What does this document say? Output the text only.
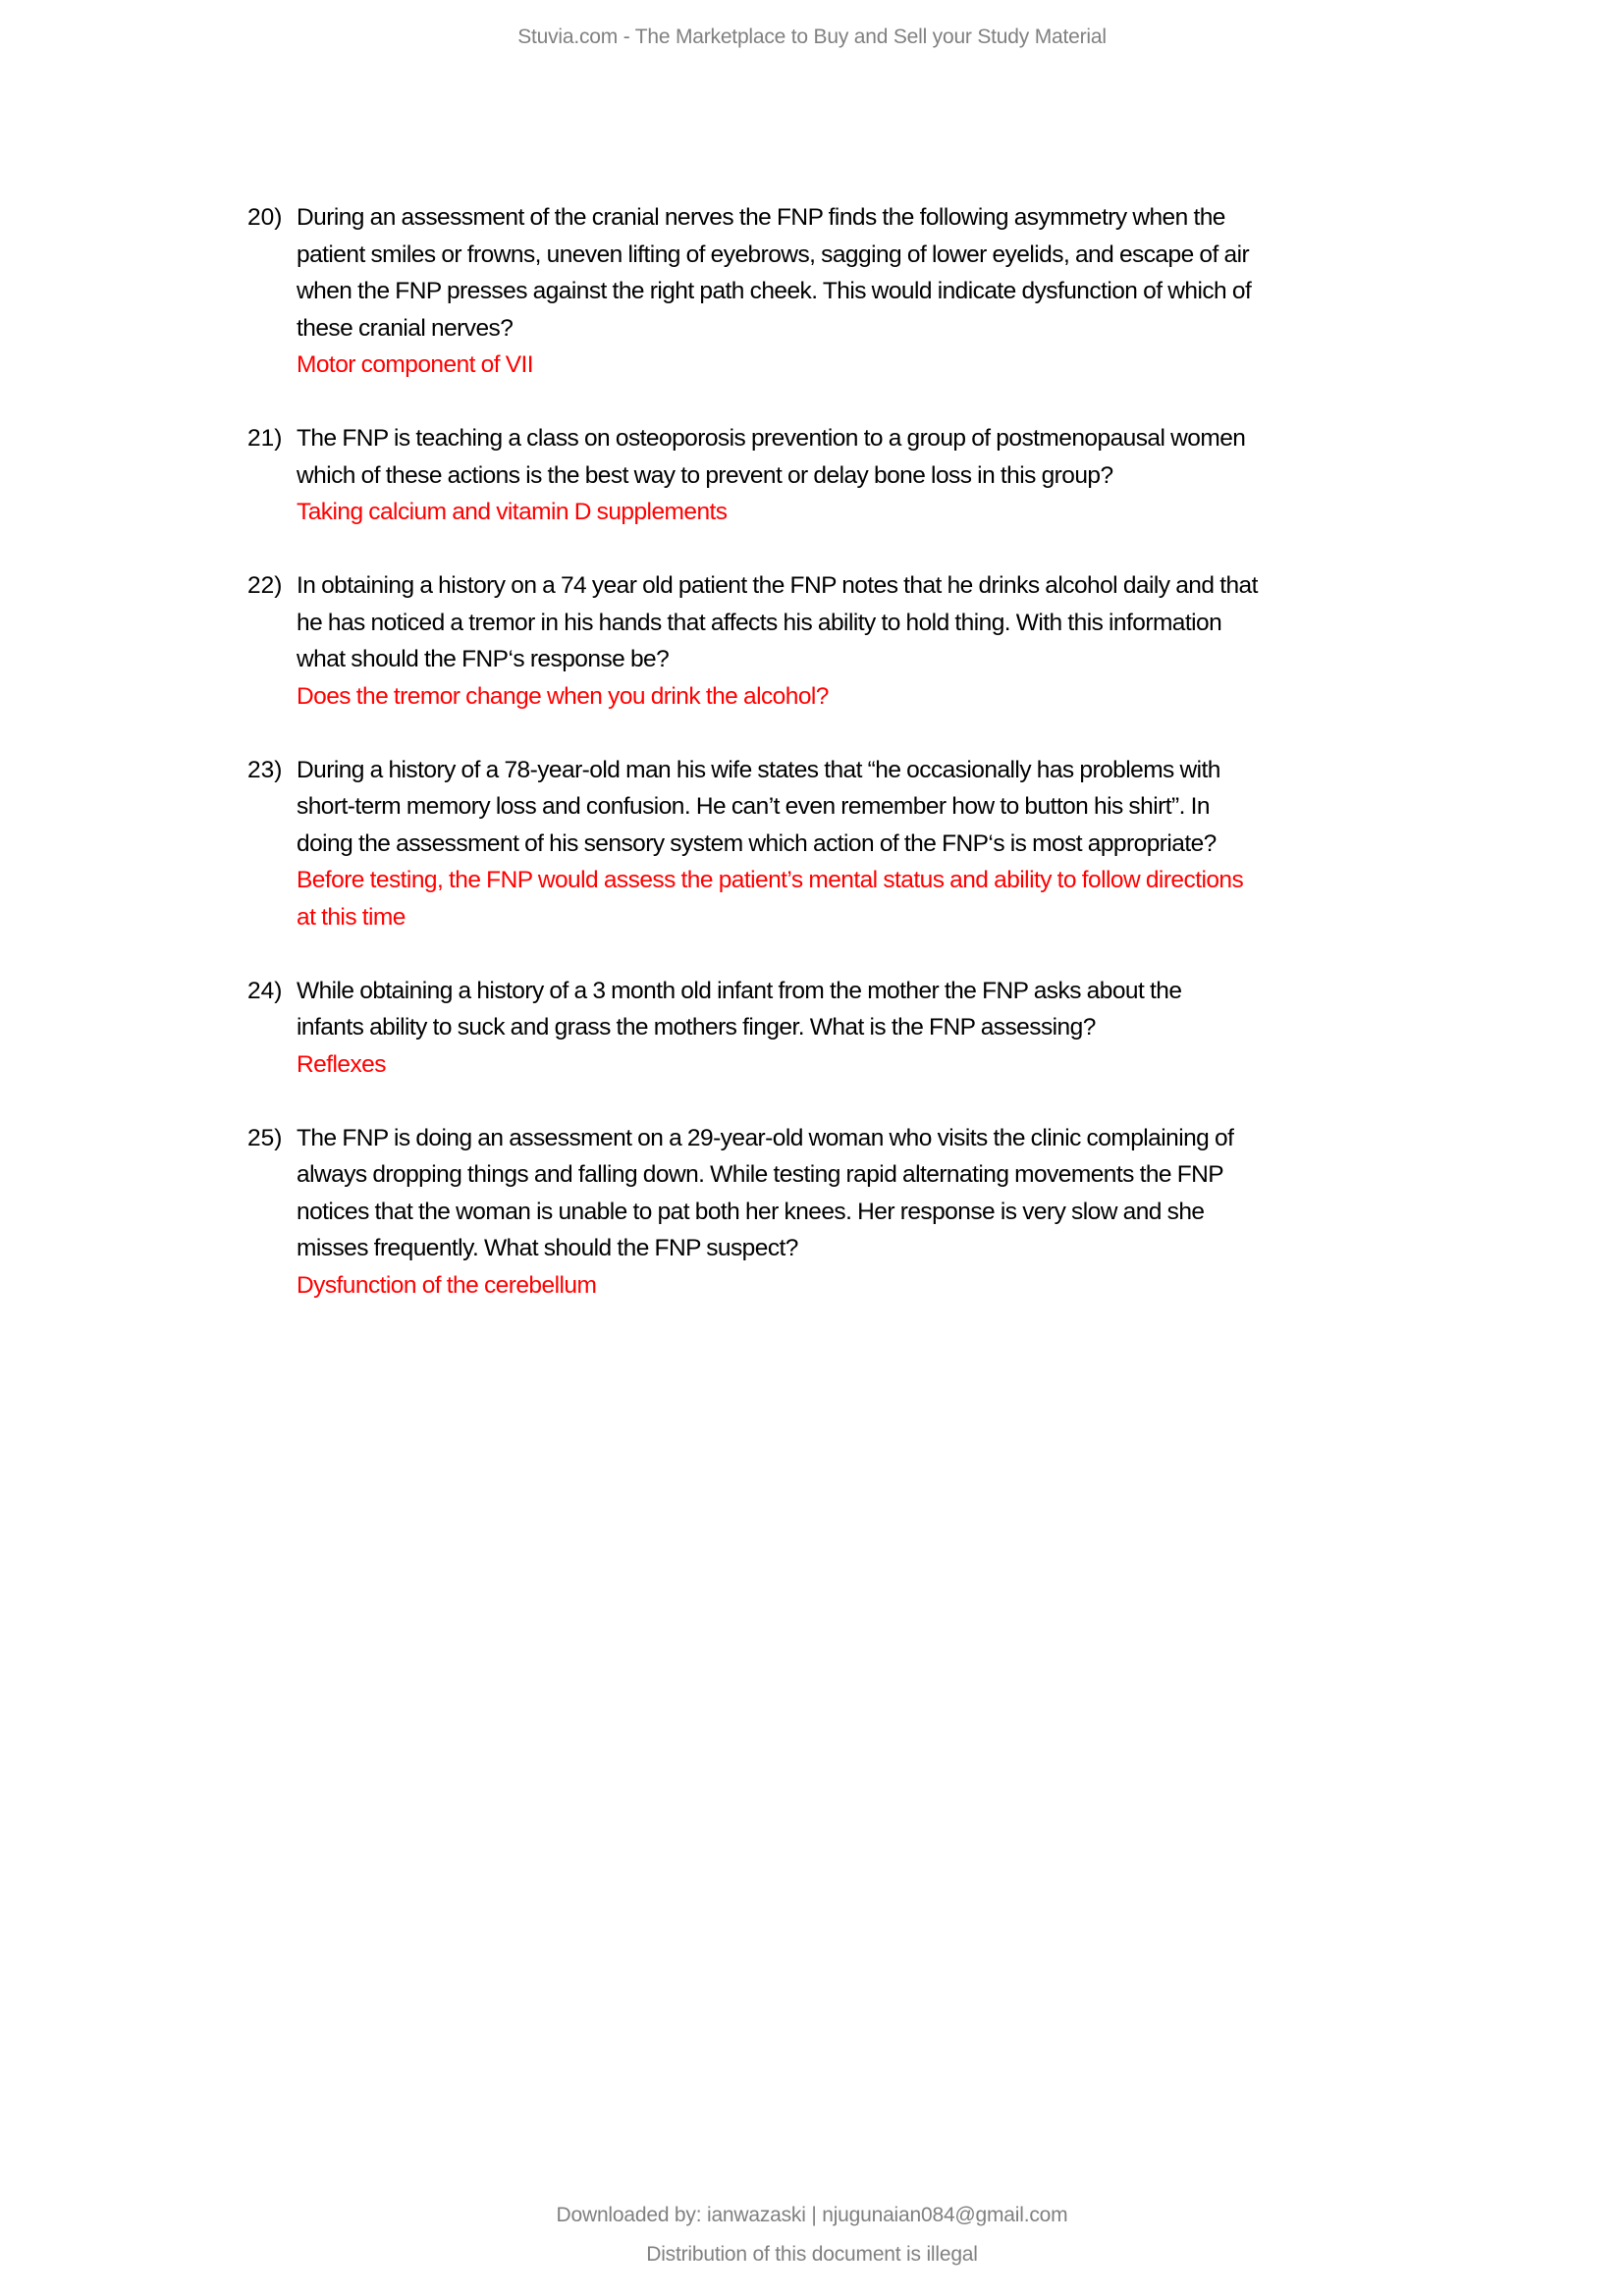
Stuvia.com - The Marketplace to Buy and Sell your Study Material
20) During an assessment of the cranial nerves the FNP finds the following asymmetry when the
patient smiles or frowns, uneven lifting of eyebrows, sagging of lower eyelids, and escape of air
when the FNP presses against the right path cheek. This would indicate dysfunction of which of
these cranial nerves?
Motor component of VII
21) The FNP is teaching a class on osteoporosis prevention to a group of postmenopausal women
which of these actions is the best way to prevent or delay bone loss in this group?
Taking calcium and vitamin D supplements
22) In obtaining a history on a 74 year old patient the FNP notes that he drinks alcohol daily and that
he has noticed a tremor in his hands that affects his ability to hold thing. With this information
what should the FNP‘s response be?
Does the tremor change when you drink the alcohol?
23) During a history of a 78-year-old man his wife states that “he occasionally has problems with
short-term memory loss and confusion. He can’t even remember how to button his shirt”. In
doing the assessment of his sensory system which action of the FNP‘s is most appropriate?
Before testing, the FNP would assess the patient’s mental status and ability to follow directions
at this time
24) While obtaining a history of a 3 month old infant from the mother the FNP asks about the
infants ability to suck and grass the mothers finger. What is the FNP assessing?
Reflexes
25) The FNP is doing an assessment on a 29-year-old woman who visits the clinic complaining of
always dropping things and falling down. While testing rapid alternating movements the FNP
notices that the woman is unable to pat both her knees. Her response is very slow and she
misses frequently. What should the FNP suspect?
Dysfunction of the cerebellum
Downloaded by: ianwazaski | njugunaian084@gmail.com
Distribution of this document is illegal
